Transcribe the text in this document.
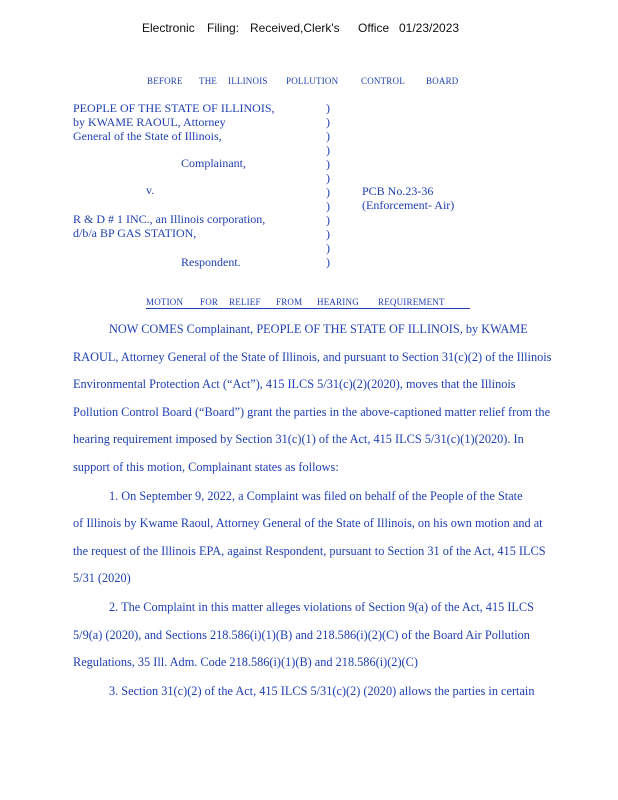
Electronic Filing: Received,Clerk's Office 01/23/2023
BEFORE THE ILLINOIS POLLUTION	CONTROL BOARD
PEOPLE OF THE STATE OF ILLINOIS,
by KWAME RAOUL, Attorney
General of the State of Illinois,
Complainant,
v.
R & D # 1 INC., an Illinois corporation,
d/b/a BP GAS STATION,
Respondent.
)
)
)
)
)
)
)
)
)
)
)
)
PCB No.23-36
(Enforcement- Air)
MOTION FOR RELIEF FROM HEARING REQUIREMENT
NOW COMES Complainant, PEOPLE OF THE STATE OF ILLINOIS, by KWAME
RAOUL, Attorney General of the State of Illinois, and pursuant to Section 31(c)(2) of the Illinois
Environmental Protection Act (“Act”), 415 ILCS 5/31(c)(2)(2020), moves that the Illinois
Pollution Control Board (“Board”) grant the parties in the above-captioned matter relief from the
hearing requirement imposed by Section 31(c)(1) of the Act, 415 ILCS 5/31(c)(1)(2020). In
support of this motion, Complainant states as follows:
1. On September 9, 2022, a Complaint was filed on behalf of the People of the State
of Illinois by Kwame Raoul, Attorney General of the State of Illinois, on his own motion and at
the request of the Illinois EPA, against Respondent, pursuant to Section 31 of the Act, 415 ILCS
5/31 (2020)
2. The Complaint in this matter alleges violations of Section 9(a) of the Act, 415 ILCS
5/9(a) (2020), and Sections 218.586(i)(1)(B) and 218.586(i)(2)(C) of the Board Air Pollution
Regulations, 35 Ill. Adm. Code 218.586(i)(1)(B) and 218.586(i)(2)(C)
3. Section 31(c)(2) of the Act, 415 ILCS 5/31(c)(2) (2020) allows the parties in certain
